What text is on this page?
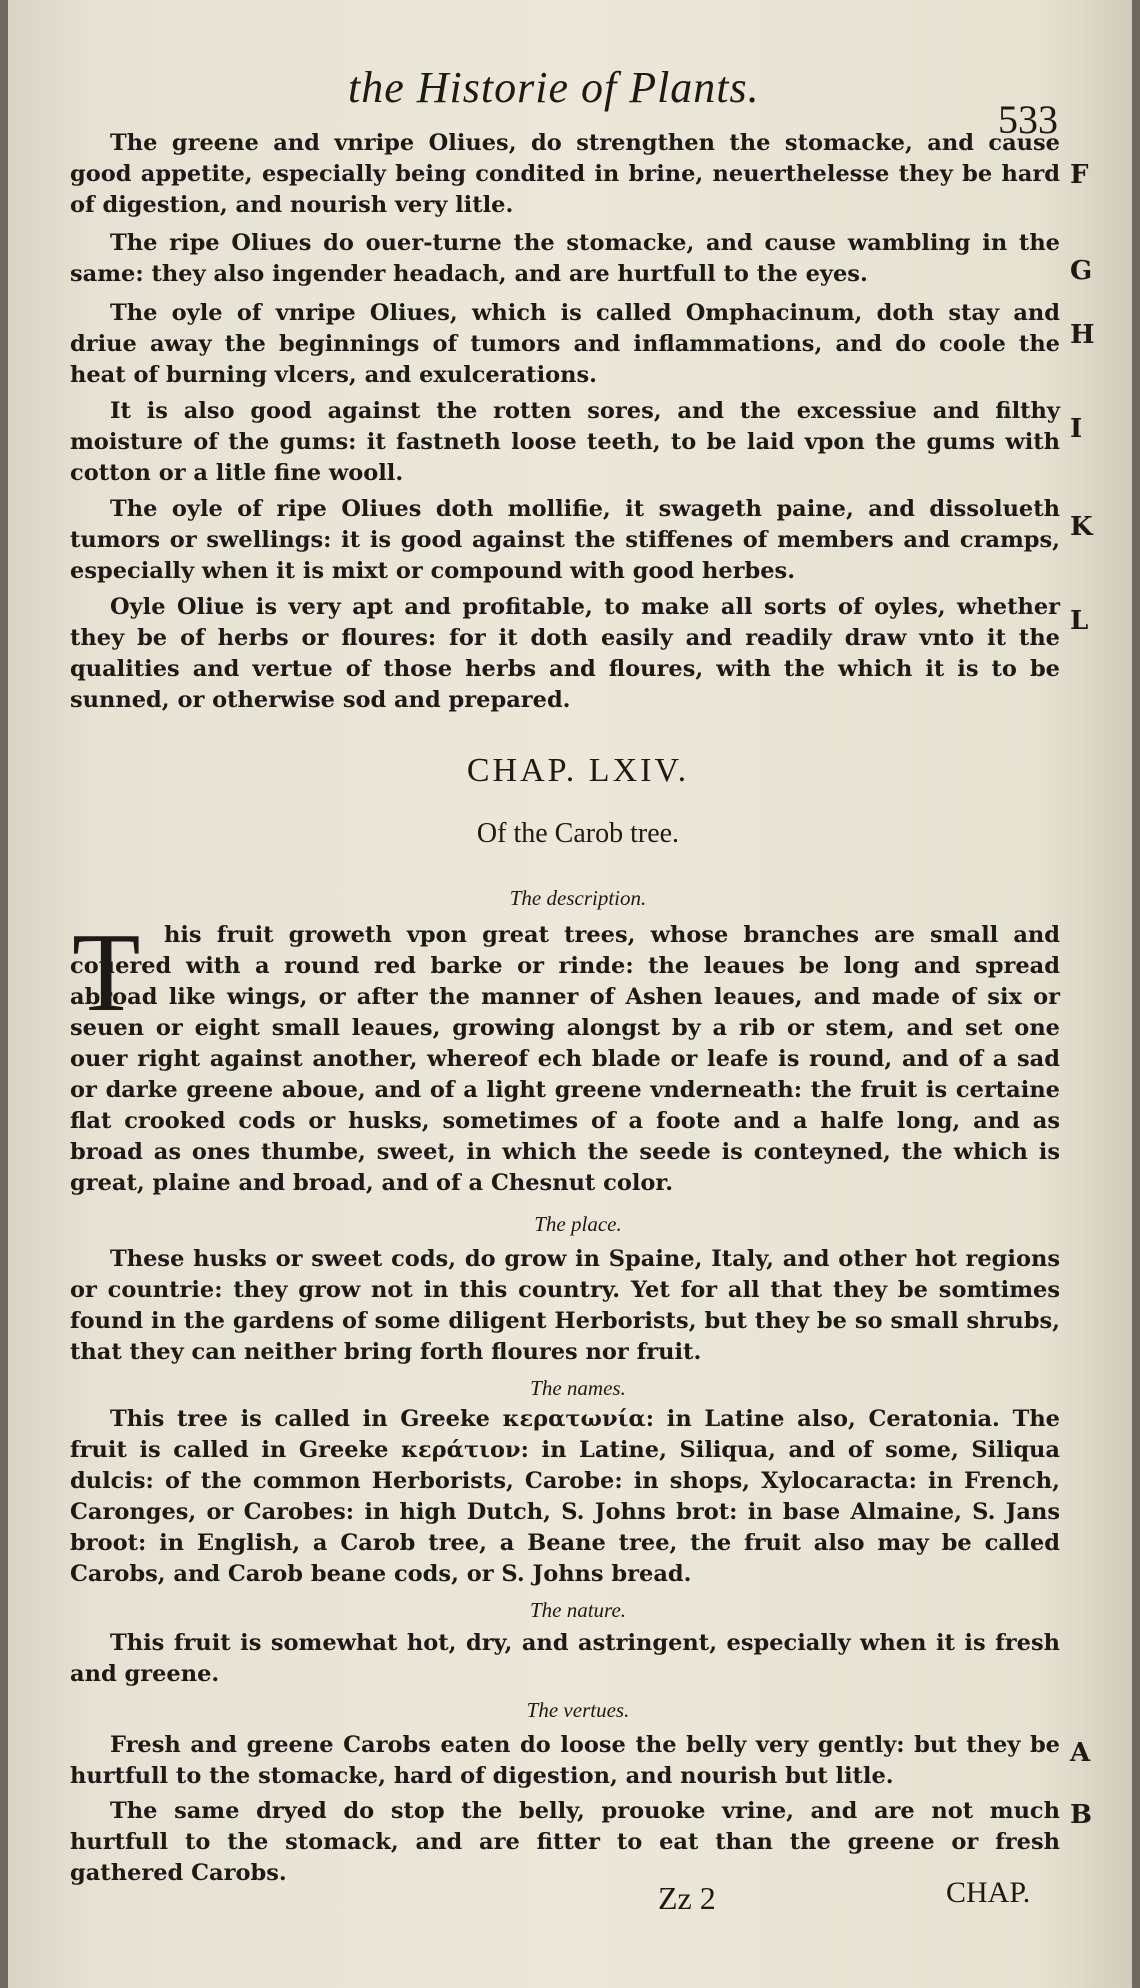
the Historie of Plants.
533

The greene and vnripe Oliues, do strengthen the stomacke, and cause good appetite, especially being condited in brine, neuerthelesse they be hard of digestion, and nourish very litle.

F

The ripe Oliues do ouer-turne the stomacke, and cause wambling in the same: they also ingender headach, and are hurtfull to the eyes.	G

The oyle of vnripe Oliues, which is called Omphacinum, doth stay and driue away the beginnings of tumors and inflammations, and do coole the heat of burning vlcers, and exulcerations.

H

It is also good against the rotten sores, and the excessiue and filthy moisture of the gums: it fastneth loose teeth, to be laid vpon the gums with cotton or a litle fine wooll.

I

The oyle of ripe Oliues doth mollifie, it swageth paine, and dissolueth tumors or swellings: it is good against the stiffenes of members and cramps, especially when it is mixt or compound with good herbes.

K

Oyle Oliue is very apt and profitable, to make all sorts of oyles, whether they be of herbs or floures: for it doth easily and readily draw vnto it the qualities and vertue of those herbs and floures, with the which it is to be sunned, or otherwise sod and prepared.

L

CHAP. LXIV.

Of the Carob tree.

The description.

T	his fruit groweth vpon great trees, whose branches are small and couered with a round red barke or rinde: the leaues be long and spread abroad like wings, or after the manner of Ashen leaues, and made of six or seuen or eight small leaues, growing alongst by a rib or stem, and set one ouer right against another, whereof ech blade or leafe is round, and of a sad or darke greene aboue, and of a light greene vnderneath: the fruit is certaine flat crooked cods or husks, sometimes of a foote and a halfe long, and as broad as ones thumbe, sweet, in which the seede is conteyned, the which is great, plaine and broad, and of a Chesnut color.

The place.

These husks or sweet cods, do grow in Spaine, Italy, and other hot regions or countrie: they grow not in this country. Yet for all that they be somtimes found in the gardens of some diligent Herborists, but they be so small shrubs, that they can neither bring forth floures nor fruit.

The names.

This tree is called in Greeke κερατωνία: in Latine also, Ceratonia. The fruit is called in Greeke κεράτιον: in Latine, Siliqua, and of some, Siliqua dulcis: of the common Herborists, Carobe: in shops, Xylocaracta: in French, Caronges, or Carobes: in high Dutch, S. Johns brot: in base Almaine, S. Jans broot: in English, a Carob tree, a Beane tree, the fruit also may be called Carobs, and Carob beane cods, or S. Johns bread.

The nature.

This fruit is somewhat hot, dry, and astringent, especially when it is fresh and greene.

The vertues.

Fresh and greene Carobs eaten do loose the belly very gently: but they be hurtfull to the stomacke, hard of digestion, and nourish but litle.

A

The same dryed do stop the belly, prouoke vrine, and are not much hurtfull to the stomack, and are fitter to eat than the greene or fresh gathered Carobs.

B
Zz 2	CHAP.
